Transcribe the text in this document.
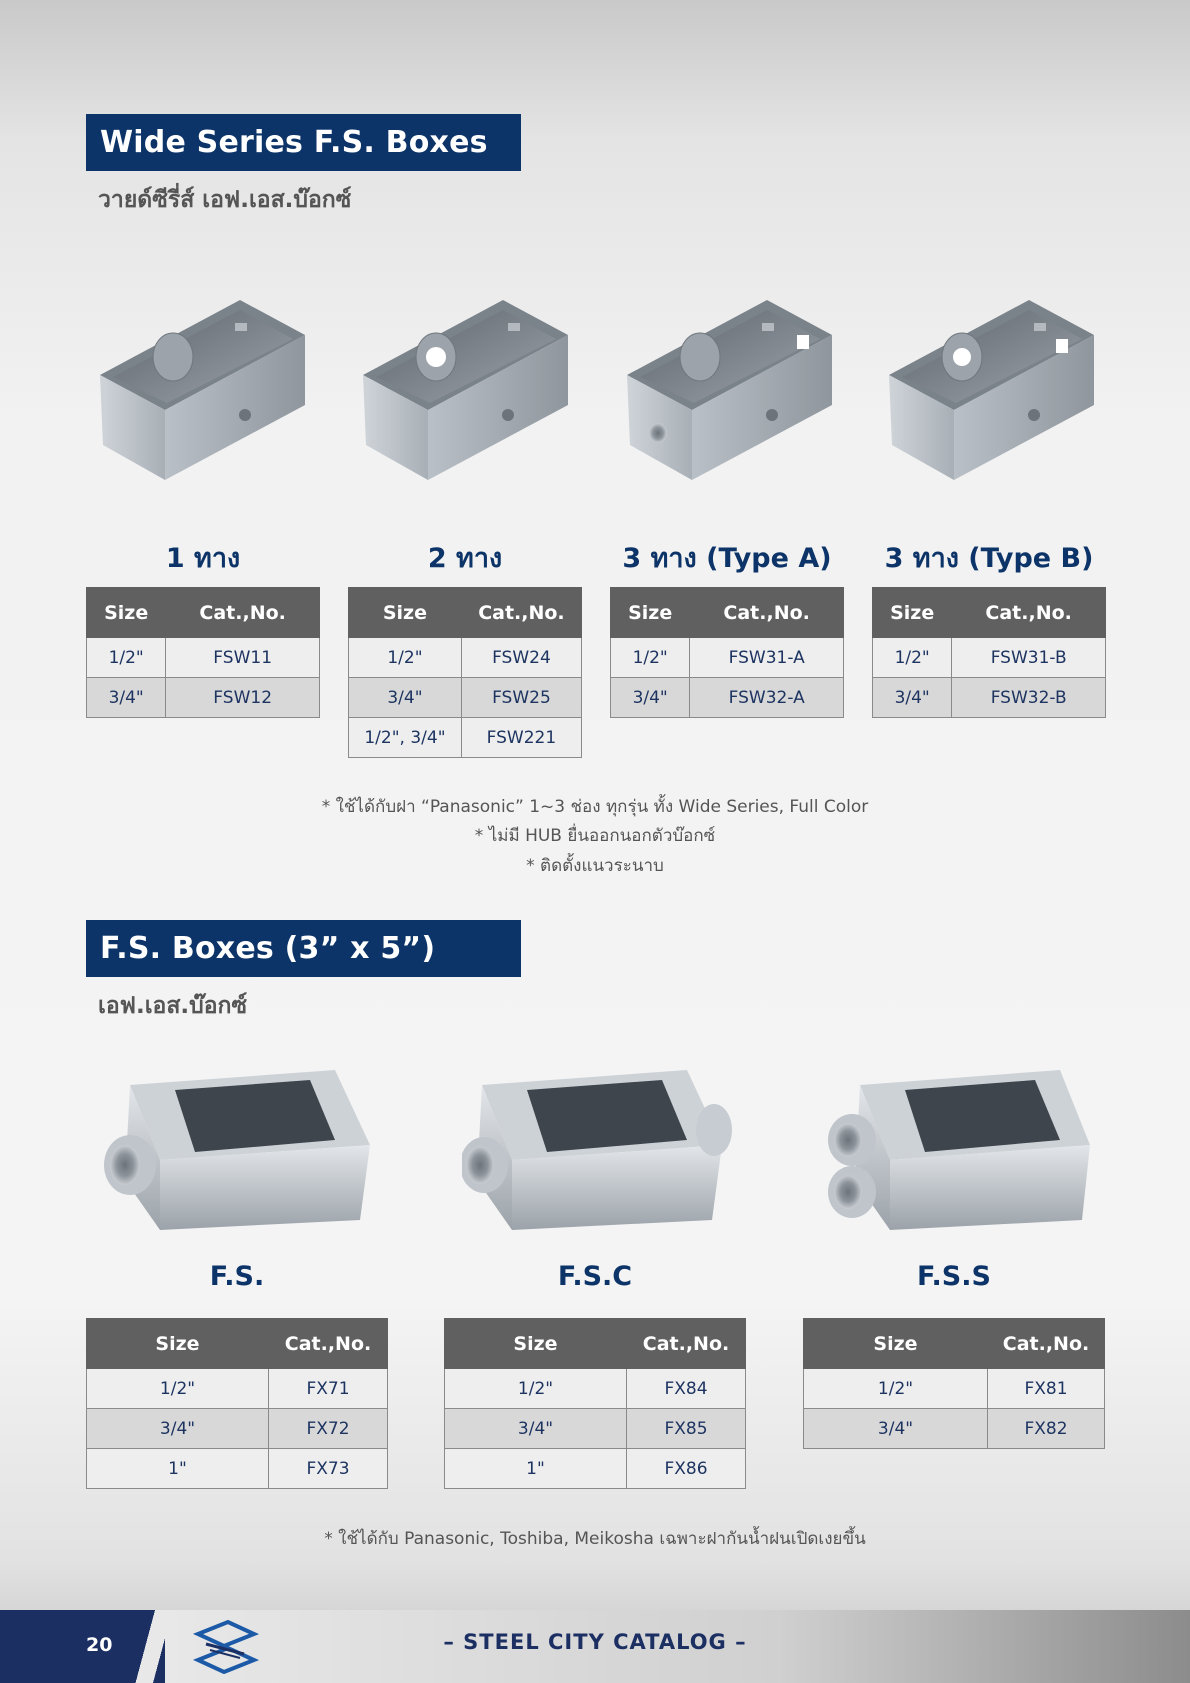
Wide Series F.S. Boxes
วายด์ซีรี่ส์ เอฟ.เอส.บ๊อกซ์
1 ทาง	2 ทาง	3 ทาง (Type A)	3 ทาง (Type B)
Size	Cat.,No.
1/2"	FSW11
3/4"	FSW12
Size	Cat.,No.
1/2"	FSW24
3/4"	FSW25
1/2", 3/4"	FSW221
Size	Cat.,No.
1/2"	FSW31-A
3/4"	FSW32-A
Size	Cat.,No.
1/2"	FSW31-B
3/4"	FSW32-B
* ใช้ได้กับฝา “Panasonic” 1~3 ช่อง ทุกรุ่น ทั้ง Wide Series, Full Color
* ไม่มี HUB ยื่นออกนอกตัวบ๊อกซ์
* ติดตั้งแนวระนาบ
F.S. Boxes (3” x 5”)
เอฟ.เอส.บ๊อกซ์
F.S.	F.S.C	F.S.S
Size	Cat.,No.
1/2"	FX71
3/4"	FX72
1"	FX73
Size	Cat.,No.
1/2"	FX84
3/4"	FX85
1"	FX86
Size	Cat.,No.
1/2"	FX81
3/4"	FX82
* ใช้ได้กับ Panasonic, Toshiba, Meikosha เฉพาะฝากันน้ำฝนเปิดเงยขึ้น
20	– STEEL CITY CATALOG –
